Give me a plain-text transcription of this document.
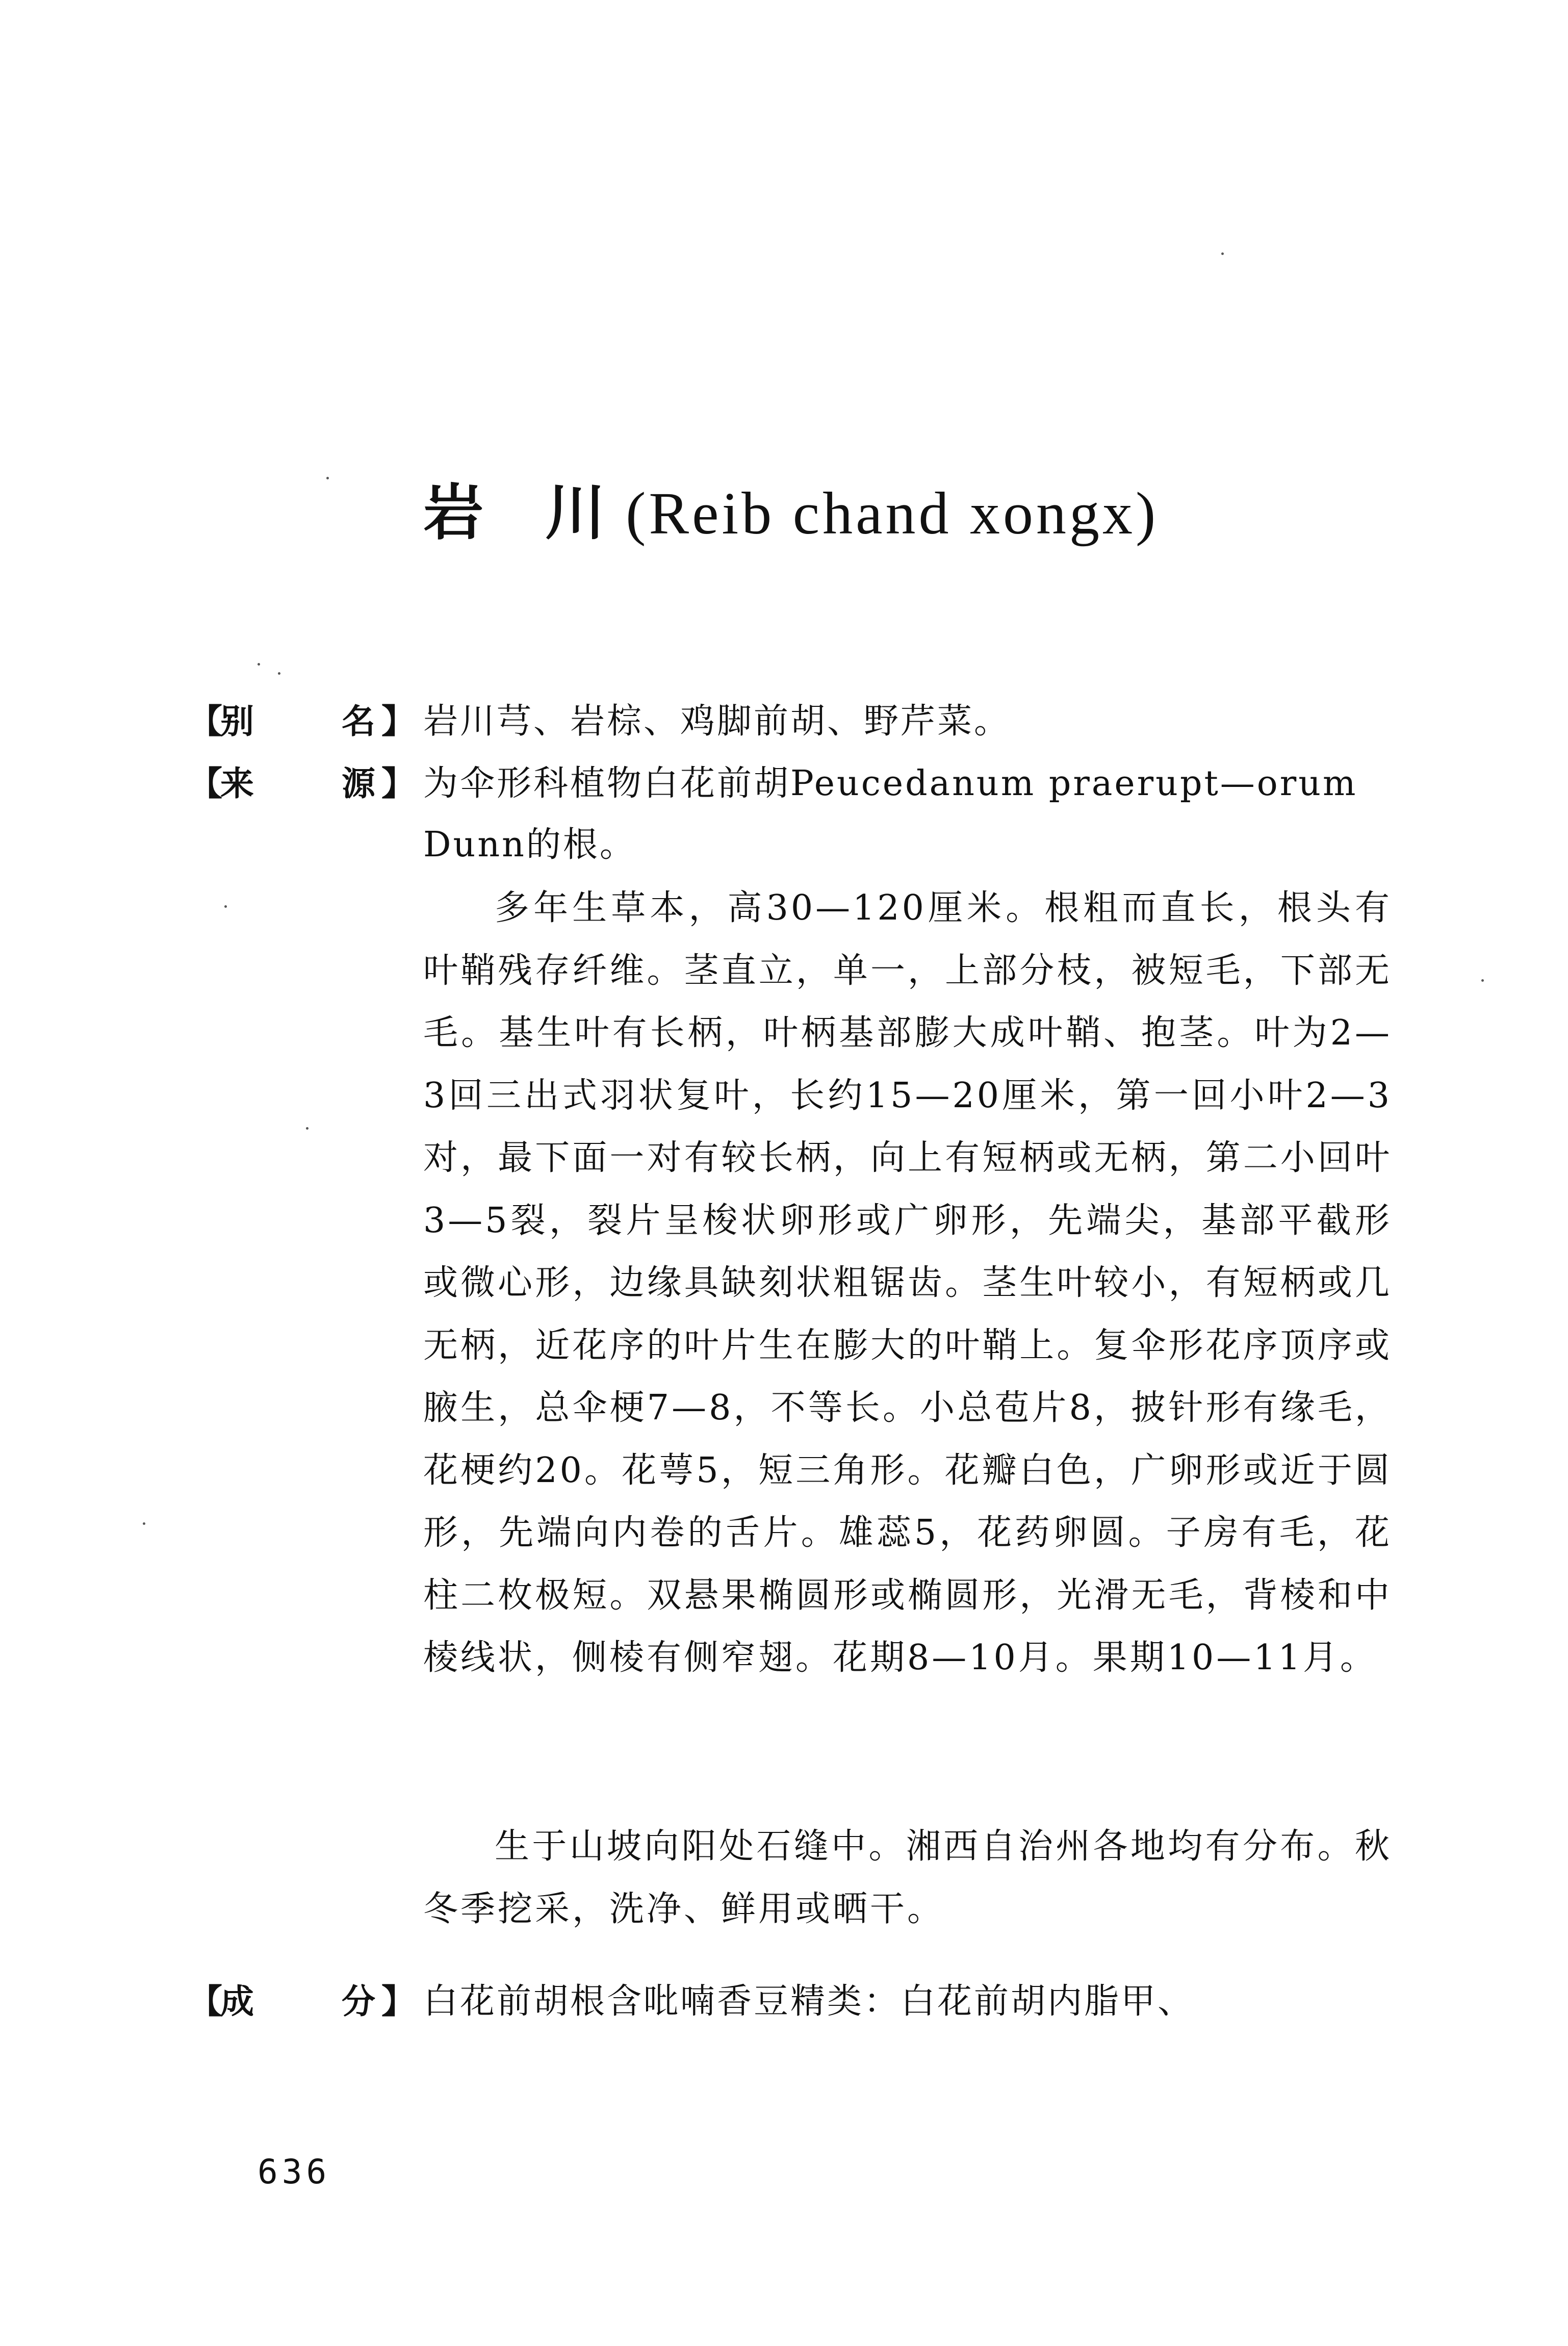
岩 川(Reib chand xongx)
【
别	名 】 岩川芎、岩棕、鸡脚前胡、野芹菜。

【
来	源 】 为伞形科植物白花前胡Peucedanum praerupt—orum Dunn的根。

多年生草本，高30—120厘米。根粗而直长，根头有叶鞘残存纤维。茎直立，单一，上部分枝，被短毛，下部无毛。基生叶有长柄，叶柄基部膨大成叶鞘、抱茎。叶为2—3回三出式羽状复叶，长约15—20厘米，第一回小叶2—3对，最下面一对有较长柄，向上有短柄或无柄，第二小回叶3—5裂，裂片呈梭状卵形或广卵形，先端尖，基部平截形或微心形，边缘具缺刻状粗锯齿。茎生叶较小，有短柄或几无柄，近花序的叶片生在膨大的叶鞘上。复伞形花序顶序或腋生，总伞梗7—8，不等长。小总苞片8，披针形有缘毛，花梗约20。花萼5，短三角形。花瓣白色，广卵形或近于圆形，先端向内卷的舌片。雄蕊5，花药卵圆。子房有毛，花柱二枚极短。双悬果椭圆形或椭圆形，光滑无毛，背棱和中棱线状，侧棱有侧窄翅。花期8—10月。果期10—11月。

生于山坡向阳处石缝中。湘西自治州各地均有分布。秋冬季挖采，洗净、鲜用或晒干。

【
成	分 】 白花前胡根含吡喃香豆精类：白花前胡内脂甲、

636
